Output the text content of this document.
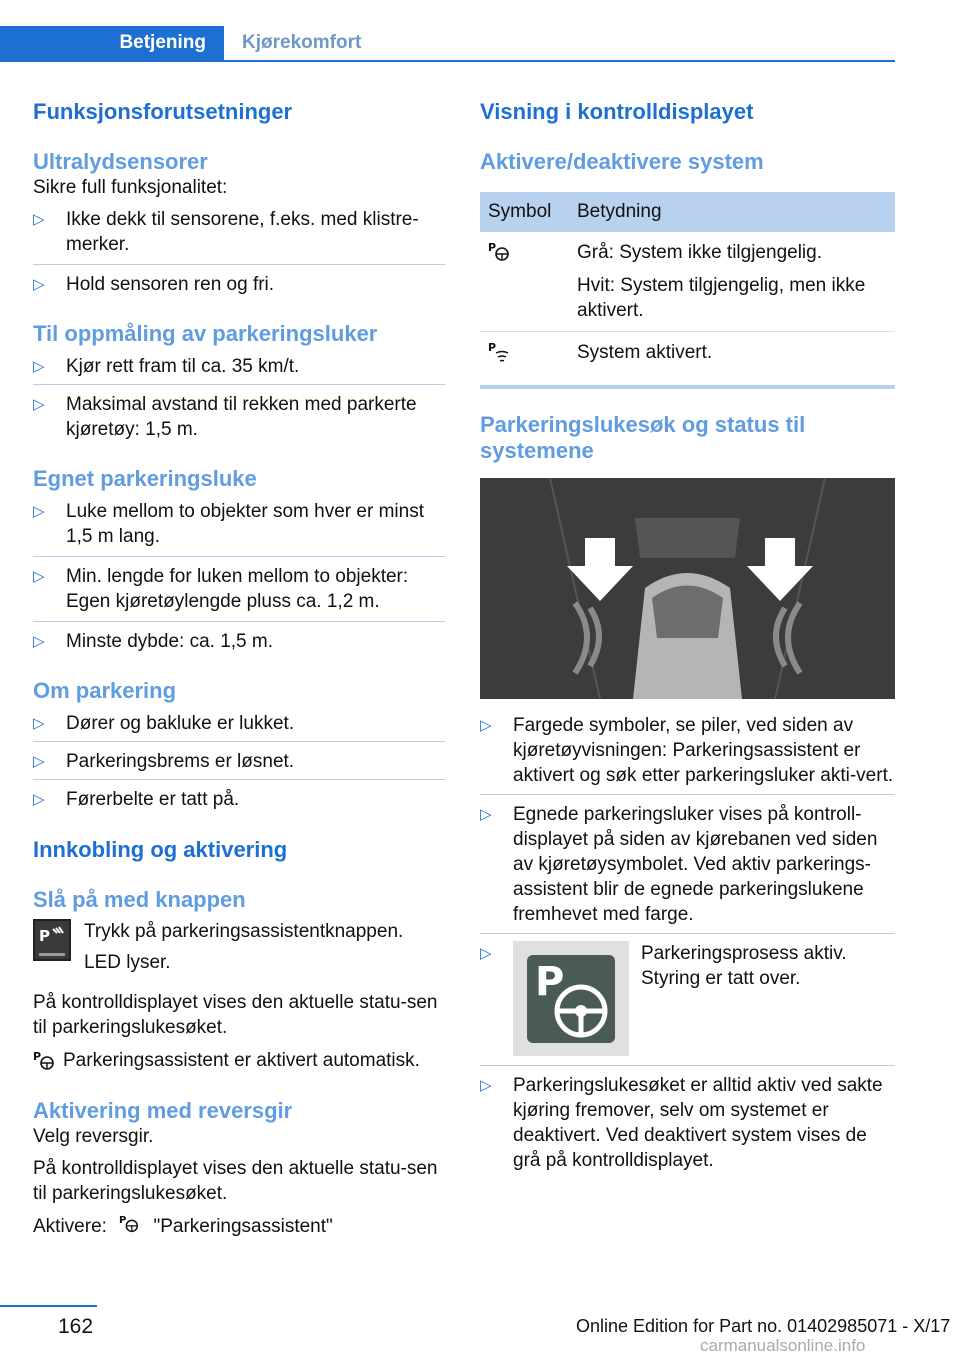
Betjening	Kjørekomfort
Funksjonsforutsetninger
Ultralydsensorer

Sikre full funksjonalitet:

▷ Ikke dekk til sensorene, f.eks. med klistre-merker.
▷ Hold sensoren ren og fri.
Til oppmåling av parkeringsluker
▷ Kjør rett fram til ca. 35 km/t.
▷ Maksimal avstand til rekken med parkerte kjøretøy: 1,5 m.
Egnet parkeringsluke
▷ Luke mellom to objekter som hver er minst 1,5 m lang.
▷ Min. lengde for luken mellom to objekter: Egen kjøretøylengde pluss ca. 1,2 m.
▷ Minste dybde: ca. 1,5 m.
Om parkering
▷ Dører og bakluke er lukket.
▷ Parkeringsbrems er løsnet.
▷ Førerbelte er tatt på.
Innkobling og aktivering
Slå på med knappen
P Trykk på parkeringsassistentknappen.

LED lyser.

På kontrolldisplayet vises den aktuelle statu-sen til parkeringslukesøket.

P Parkeringsassistent er aktivert automatisk.

Aktivering med reversgir

Velg reversgir.

På kontrolldisplayet vises den aktuelle statu-sen til parkeringslukesøket.

Aktivere: P "Parkeringsassistent"

Visning i kontrolldisplayet
Aktivere/deaktivere system
Symbol	Betydning

P	Grå: System ikke tilgjengelig.

Hvit: System tilgjengelig, men ikke aktivert.

P	System aktivert.
Parkeringslukesøk og status til systemene
▷ Fargede symboler, se piler, ved siden av kjøretøyvisningen: Parkeringsassistent er aktivert og søk etter parkeringsluker akti-vert.
▷ Egnede parkeringsluker vises på kontroll-displayet på siden av kjørebanen ved siden av kjøretøysymbolet. Ved aktiv parkerings-assistent blir de egnede parkeringslukene fremhevet med farge.
▷
P
Parkeringsprosess aktiv. Styring er tatt over.
▷ Parkeringslukesøket er alltid aktiv ved sakte kjøring fremover, selv om systemet er deaktivert. Ved deaktivert system vises de grå på kontrolldisplayet.
162	Online Edition for Part no. 01402985071 - X/17
carmanualsonline.info
